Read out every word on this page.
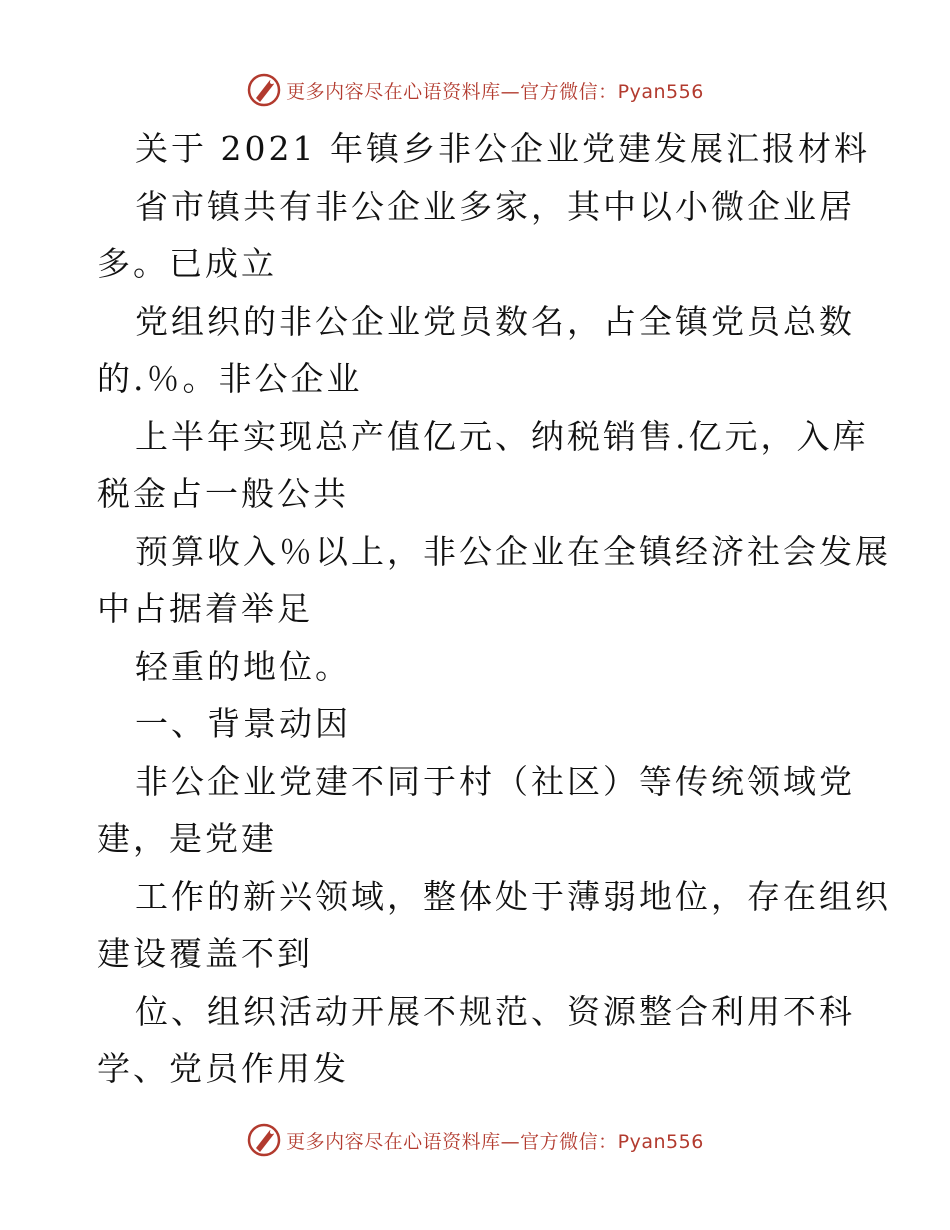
更多内容尽在心语资料库—官方微信：Pyan556
关于 2021 年镇乡非公企业党建发展汇报材料
省市镇共有非公企业多家，其中以小微企业居
多。已成立
党组织的非公企业党员数名，占全镇党员总数
的.％。非公企业
上半年实现总产值亿元、纳税销售.亿元，入库
税金占一般公共
预算收入％以上，非公企业在全镇经济社会发展
中占据着举足
轻重的地位。
一、背景动因
非公企业党建不同于村（社区）等传统领域党
建，是党建
工作的新兴领域，整体处于薄弱地位，存在组织
建设覆盖不到
位、组织活动开展不规范、资源整合利用不科
学、党员作用发
更多内容尽在心语资料库—官方微信：Pyan556
